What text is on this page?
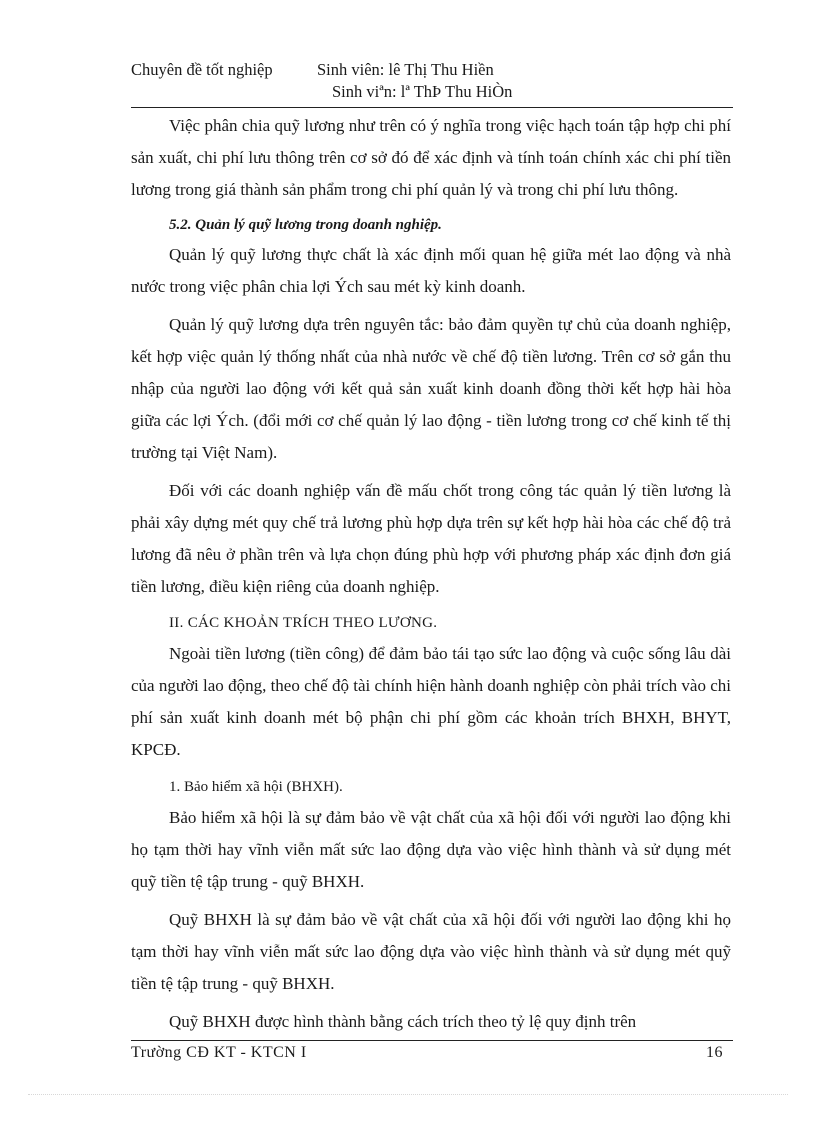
Chuyên đề tốt nghiệp	Sinh viên: lê Thị Thu Hiền
Sinh viªn: lª ThÞ Thu HiÒn

Việc phân chia quỹ lương như trên có ý nghĩa trong việc hạch toán tập hợp chi phí sản xuất, chi phí lưu thông trên cơ sở đó để xác định và tính toán chính xác chi phí tiền lương trong giá thành sản phẩm trong chi phí quản lý và trong chi phí lưu thông.

5.2. Quản lý quỹ lương trong doanh nghiệp.

Quản lý quỹ lương thực chất là xác định mối quan hệ giữa mét lao động và nhà nước trong việc phân chia lợi Ých sau mét kỳ kinh doanh.

Quản lý quỹ lương dựa trên nguyên tắc: bảo đảm quyền tự chủ của doanh nghiệp, kết hợp việc quản lý thống nhất của nhà nước về chế độ tiền lương. Trên cơ sở gắn thu nhập của người lao động với kết quả sản xuất kinh doanh đồng thời kết hợp hài hòa giữa các lợi Ých. (đổi mới cơ chế quản lý lao động - tiền lương trong cơ chế kinh tế thị trường tại Việt Nam).

Đối với các doanh nghiệp vấn đề mấu chốt trong công tác quản lý tiền lương là phải xây dựng mét quy chế trả lương phù hợp dựa trên sự kết hợp hài hòa các chế độ trả lương đã nêu ở phần trên và lựa chọn đúng phù hợp với phương pháp xác định đơn giá tiền lương, điều kiện riêng của doanh nghiệp.

II. CÁC KHOẢN TRÍCH THEO LƯƠNG.

Ngoài tiền lương (tiền công) để đảm bảo tái tạo sức lao động và cuộc sống lâu dài của người lao động, theo chế độ tài chính hiện hành doanh nghiệp còn phải trích vào chi phí sản xuất kinh doanh mét bộ phận chi phí gồm các khoản trích BHXH, BHYT, KPCĐ.

1. Bảo hiểm xã hội (BHXH).

Bảo hiểm xã hội là sự đảm bảo về vật chất của xã hội đối với người lao động khi họ tạm thời hay vĩnh viễn mất sức lao động dựa vào việc hình thành và sử dụng mét quỹ tiền tệ tập trung - quỹ BHXH.

Quỹ BHXH là sự đảm bảo về vật chất của xã hội đối với người lao động khi họ tạm thời hay vĩnh viễn mất sức lao động dựa vào việc hình thành và sử dụng mét quỹ tiền tệ tập trung - quỹ BHXH.

Quỹ BHXH được hình thành bằng cách trích theo tỷ lệ quy định trên

Trường CĐ KT - KTCN I	16
